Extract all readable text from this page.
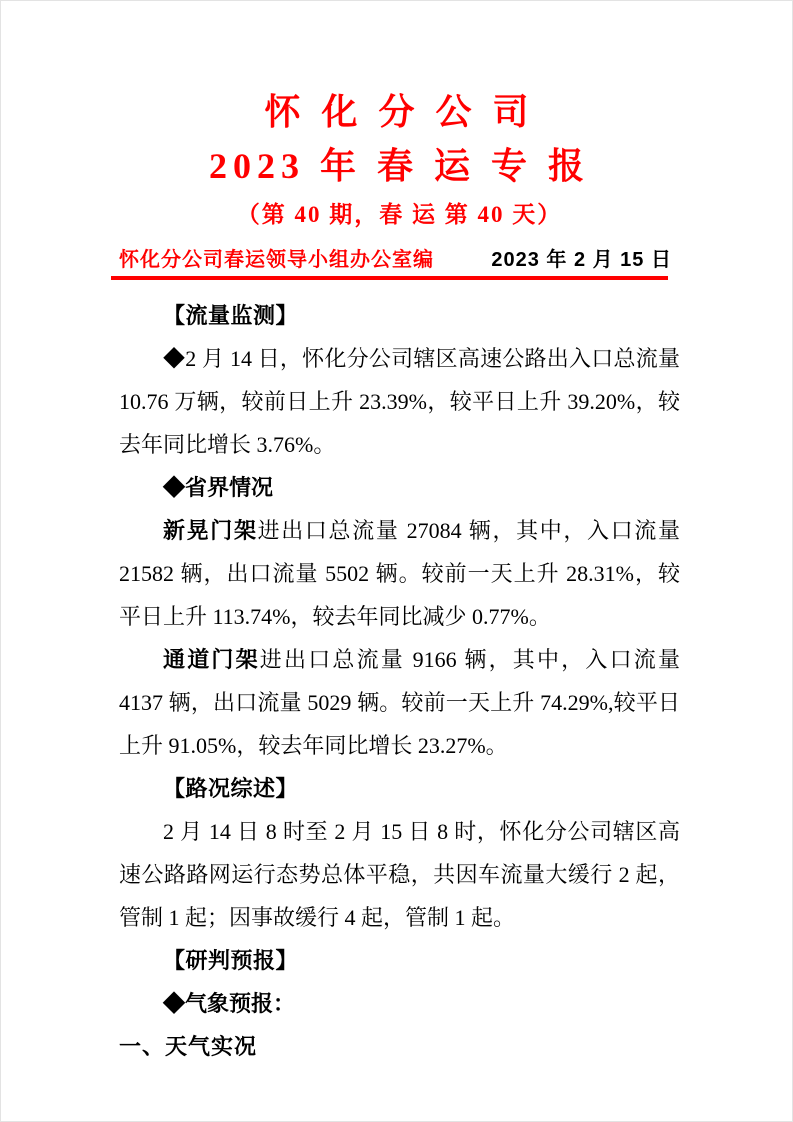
怀 化 分 公 司
2023 年 春 运 专 报
（第 40 期，春 运 第 40 天）
怀化分公司春运领导小组办公室编	2023 年 2 月 15 日
【流量监测】

◆2 月 14 日，怀化分公司辖区高速公路出入口总流量 10.76 万辆，较前日上升 23.39%，较平日上升 39.20%，较去年同比增长 3.76%。

◆省界情况

新晃门架进出口总流量 27084 辆，其中，入口流量 21582 辆，出口流量 5502 辆。较前一天上升 28.31%，较平日上升 113.74%，较去年同比减少 0.77%。

通道门架进出口总流量 9166 辆，其中，入口流量 4137 辆，出口流量 5029 辆。较前一天上升 74.29%,较平日上升 91.05%，较去年同比增长 23.27%。

【路况综述】

2 月 14 日 8 时至 2 月 15 日 8 时，怀化分公司辖区高速公路路网运行态势总体平稳，共因车流量大缓行 2 起，管制 1 起；因事故缓行 4 起，管制 1 起。

【研判预报】
◆气象预报：
一、天气实况
